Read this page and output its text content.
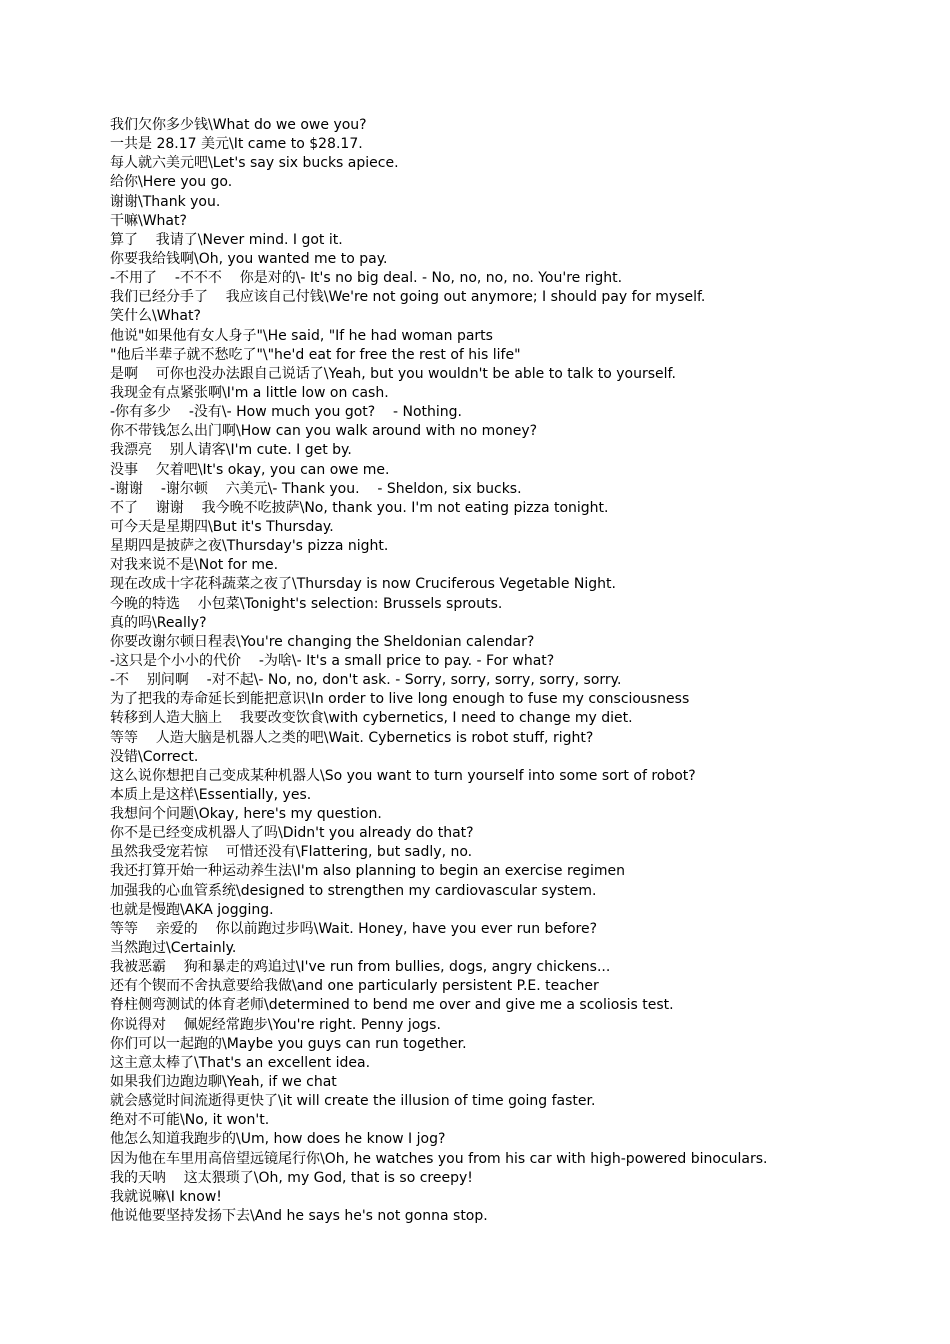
我们欠你多少钱\What do we owe you?
一共是 28.17 美元\It came to $28.17.
每人就六美元吧\Let's say six bucks apiece.
给你\Here you go.
谢谢\Thank you.
干嘛\What?
算了    我请了\Never mind. I got it.
你要我给钱啊\Oh, you wanted me to pay.
-不用了    -不不不    你是对的\- It's no big deal. - No, no, no, no. You're right.
我们已经分手了    我应该自己付钱\We're not going out anymore; I should pay for myself.
笑什么\What?
他说"如果他有女人身子"\He said, "If he had woman parts
"他后半辈子就不愁吃了"\"he'd eat for free the rest of his life"
是啊    可你也没办法跟自己说话了\Yeah, but you wouldn't be able to talk to yourself.
我现金有点紧张啊\I'm a little low on cash.
-你有多少    -没有\- How much you got?    - Nothing.
你不带钱怎么出门啊\How can you walk around with no money?
我漂亮    别人请客\I'm cute. I get by.
没事    欠着吧\It's okay, you can owe me.
-谢谢    -谢尔顿    六美元\- Thank you.    - Sheldon, six bucks.
不了    谢谢    我今晚不吃披萨\No, thank you. I'm not eating pizza tonight.
可今天是星期四\But it's Thursday.
星期四是披萨之夜\Thursday's pizza night.
对我来说不是\Not for me.
现在改成十字花科蔬菜之夜了\Thursday is now Cruciferous Vegetable Night.
今晚的特选    小包菜\Tonight's selection: Brussels sprouts.
真的吗\Really?
你要改谢尔顿日程表\You're changing the Sheldonian calendar?
-这只是个小小的代价    -为啥\- It's a small price to pay. - For what?
-不    别问啊    -对不起\- No, no, don't ask. - Sorry, sorry, sorry, sorry, sorry.
为了把我的寿命延长到能把意识\In order to live long enough to fuse my consciousness
转移到人造大脑上    我要改变饮食\with cybernetics, I need to change my diet.
等等    人造大脑是机器人之类的吧\Wait. Cybernetics is robot stuff, right?
没错\Correct.
这么说你想把自己变成某种机器人\So you want to turn yourself into some sort of robot?
本质上是这样\Essentially, yes.
我想问个问题\Okay, here's my question.
你不是已经变成机器人了吗\Didn't you already do that?
虽然我受宠若惊    可惜还没有\Flattering, but sadly, no.
我还打算开始一种运动养生法\I'm also planning to begin an exercise regimen
加强我的心血管系统\designed to strengthen my cardiovascular system.
也就是慢跑\AKA jogging.
等等    亲爱的    你以前跑过步吗\Wait. Honey, have you ever run before?
当然跑过\Certainly.
我被恶霸    狗和暴走的鸡追过\I've run from bullies, dogs, angry chickens...
还有个锲而不舍执意要给我做\and one particularly persistent P.E. teacher
脊柱侧弯测试的体育老师\determined to bend me over and give me a scoliosis test.
你说得对    佩妮经常跑步\You're right. Penny jogs.
你们可以一起跑的\Maybe you guys can run together.
这主意太棒了\That's an excellent idea.
如果我们边跑边聊\Yeah, if we chat
就会感觉时间流逝得更快了\it will create the illusion of time going faster.
绝对不可能\No, it won't.
他怎么知道我跑步的\Um, how does he know I jog?
因为他在车里用高倍望远镜尾行你\Oh, he watches you from his car with high-powered binoculars.
我的天呐    这太猥琐了\Oh, my God, that is so creepy!
我就说嘛\I know!
他说他要坚持发扬下去\And he says he's not gonna stop.
